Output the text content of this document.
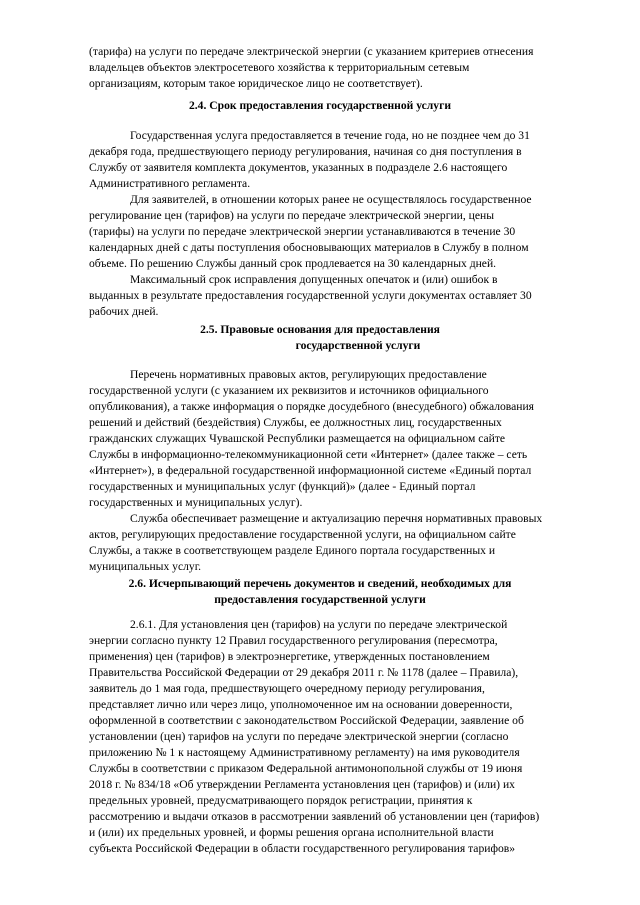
(тарифа) на услуги по передаче электрической энергии (с указанием критериев отнесения
владельцев объектов электросетевого хозяйства к территориальным сетевым
организациям, которым такое юридическое лицо не соответствует).
2.4. Срок предоставления государственной услуги
Государственная услуга предоставляется в течение года, но не позднее чем до 31
декабря года, предшествующего периоду регулирования, начиная со дня поступления в
Службу от заявителя комплекта документов, указанных в подразделе 2.6 настоящего
Административного регламента.
Для заявителей, в отношении которых ранее не осуществлялось государственное
регулирование цен (тарифов) на услуги по передаче электрической энергии, цены
(тарифы) на услуги по передаче электрической энергии устанавливаются в течение 30
календарных дней с даты поступления обосновывающих материалов в Службу в полном
объеме. По решению Службы данный срок продлевается на 30 календарных дней.
Максимальный срок исправления допущенных опечаток и (или) ошибок в
выданных в результате предоставления государственной услуги документах оставляет 30
рабочих дней.
2.5. Правовые основания для предоставления
государственной услуги
Перечень нормативных правовых актов, регулирующих предоставление
государственной услуги (с указанием их реквизитов и источников официального
опубликования), а также информация о порядке досудебного (внесудебного) обжалования
решений и действий (бездействия) Службы, ее должностных лиц, государственных
гражданских служащих Чувашской Республики размещается на официальном сайте
Службы в информационно-телекоммуникационной сети «Интернет» (далее также – сеть
«Интернет»), в федеральной государственной информационной системе «Единый портал
государственных и муниципальных услуг (функций)» (далее - Единый портал
государственных и муниципальных услуг).
Служба обеспечивает размещение и актуализацию перечня нормативных правовых
актов, регулирующих предоставление государственной услуги, на официальном сайте
Службы, а также в соответствующем разделе Единого портала государственных и
муниципальных услуг.
2.6. Исчерпывающий перечень документов и сведений, необходимых для
предоставления государственной услуги
2.6.1. Для установления цен (тарифов) на услуги по передаче электрической
энергии согласно пункту 12 Правил государственного регулирования (пересмотра,
применения) цен (тарифов) в электроэнергетике, утвержденных постановлением
Правительства Российской Федерации от 29 декабря 2011 г. № 1178 (далее – Правила),
заявитель до 1 мая года, предшествующего очередному периоду регулирования,
представляет лично или через лицо, уполномоченное им на основании доверенности,
оформленной в соответствии с законодательством Российской Федерации, заявление об
установлении (цен) тарифов на услуги по передаче электрической энергии (согласно
приложению № 1 к настоящему Административному регламенту) на имя руководителя
Службы в соответствии с приказом Федеральной антимонопольной службы от 19 июня
2018 г. № 834/18 «Об утверждении Регламента установления цен (тарифов) и (или) их
предельных уровней, предусматривающего порядок регистрации, принятия к
рассмотрению и выдачи отказов в рассмотрении заявлений об установлении цен (тарифов)
и (или) их предельных уровней, и формы решения органа исполнительной власти
субъекта Российской Федерации в области государственного регулирования тарифов»
